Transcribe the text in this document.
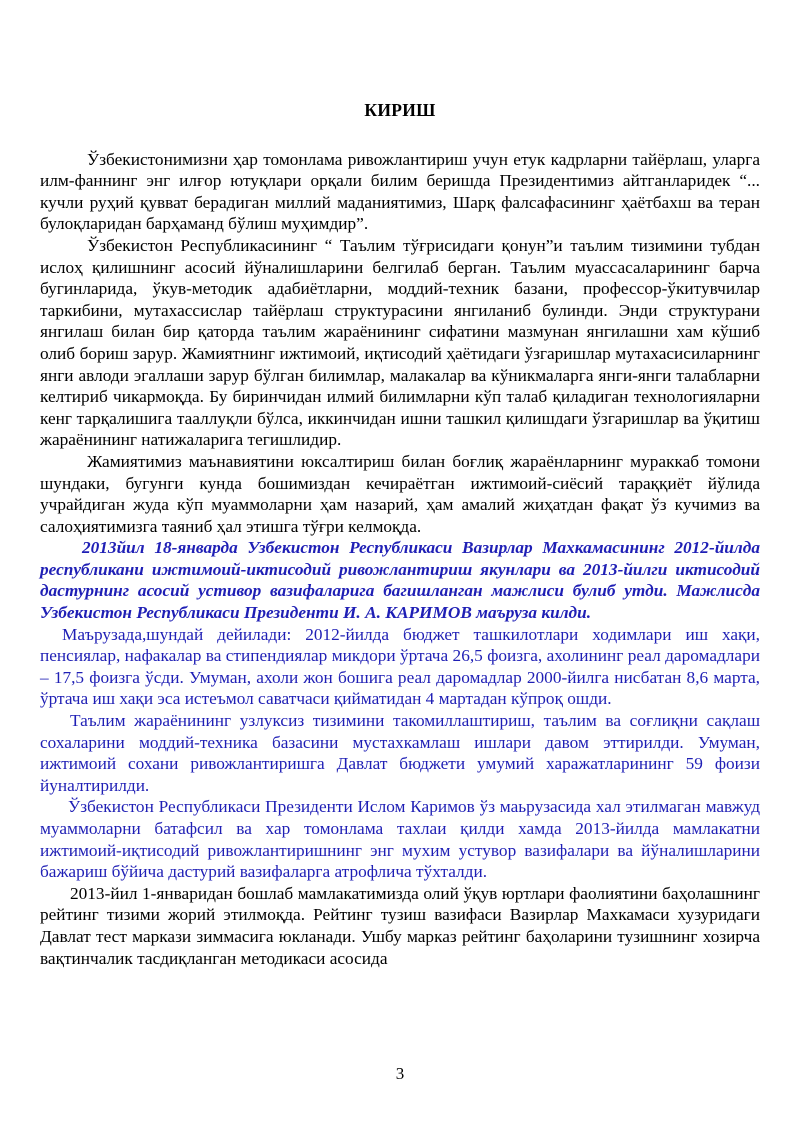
КИРИШ

Ўзбекистонимизни ҳар томонлама ривожлантириш учун етук кадрларни тайёрлаш, уларга илм-фаннинг энг илғор ютуқлари орқали билим беришда Президентимиз айтганларидек “... кучли руҳий қувват берадиган миллий маданиятимиз, Шарқ фалсафасининг ҳаётбахш ва теран булоқларидан барҳаманд бўлиш муҳимдир”.

Ўзбекистон Республикасининг “ Таълим тўғрисидаги қонун”и таълим тизимини тубдан ислоҳ қилишнинг асосий йўналишларини белгилаб берган. Таълим муассасаларининг барча бугинларида, ўкув-методик адабиётларни, моддий-техник базани, профессор-ўкитувчилар таркибини, мутахассислар тайёрлаш структурасини янгиланиб булинди. Энди структурани янгилаш билан бир қаторда таълим жараёнининг сифатини мазмунан янгилашни хам кўшиб олиб бориш зарур. Жамиятнинг ижтимоий, иқтисодий ҳаётидаги ўзгаришлар мутахасисиларнинг янги авлоди эгаллаши зарур бўлган билимлар, малакалар ва кўникмаларга янги-янги талабларни келтириб чикармоқда. Бу биринчидан илмий билимларни кўп талаб қиладиган технологияларни кенг тарқалишига тааллуқли бўлса, иккинчидан ишни ташкил қилишдаги ўзгаришлар ва ўқитиш жараёнининг натижаларига тегишлидир.

Жамиятимиз маънавиятини юксалтириш билан боғлиқ жараёнларнинг мураккаб томони шундаки, бугунги кунда бошимиздан кечираётган ижтимоий-сиёсий тараққиёт йўлида учрайдиган жуда кўп муаммоларни ҳам назарий, ҳам амалий жиҳатдан фақат ўз кучимиз ва салоҳиятимизга таяниб ҳал этишга тўғри келмоқда.

2013йил 18-январда Узбекистон Республикаси Вазирлар Махкамасининг 2012-йилда республикани ижтимоий-иктисодий ривожлантириш якунлари ва 2013-йилги иктисодий дастурнинг асосий устивор вазифаларига багишланган мажлиси булиб утди. Мажлисда Узбекистон Республикаси Президенти И. А. КАРИМОВ маъруза килди.

Маърузада,шундай дейилади: 2012-йилда бюджет ташкилотлари ходимлари иш хақи, пенсиялар, нафакалар ва стипендиялар микдори ўртача 26,5 фоизга, ахолининг реал даромадлари – 17,5 фоизга ўсди. Умуман, ахоли жон бошига реал даромадлар 2000-йилга нисбатан 8,6 марта, ўртача иш хақи эса истеъмол саватчаси қийматидан 4 мартадан кўпроқ ошди.

Таълим жараёнининг узлуксиз тизимини такомиллаштириш, таълим ва соғлиқни сақлаш сохаларини моддий-техника базасини мустахкамлаш ишлари давом эттирилди. Умуман, ижтимоий сохани ривожлантиришга Давлат бюджети умумий харажатларининг 59 фоизи йуналтирилди.

Ўзбекистон Республикаси Президенти Ислом Каримов ўз маьрузасида хал этилмаган мавжуд муаммоларни батафсил ва хар томонлама тахлаи қилди хамда 2013-йилда мамлакатни ижтимоий-иқтисодий ривожлантиришнинг энг мухим устувор вазифалари ва йўналишларини бажариш бўйича дастурий вазифаларга атрофлича тўхталди.

2013-йил 1-январидан бошлаб мамлакатимизда олий ўқув юртлари фаолиятини баҳолашнинг рейтинг тизими жорий этилмоқда. Рейтинг тузиш вазифаси Вазирлар Махкамаси хузуридаги Давлат тест маркази зиммасига юкланади. Ушбу марказ рейтинг баҳоларини тузишнинг хозирча вақтинчалик тасдиқланган методикаси асосида

3
